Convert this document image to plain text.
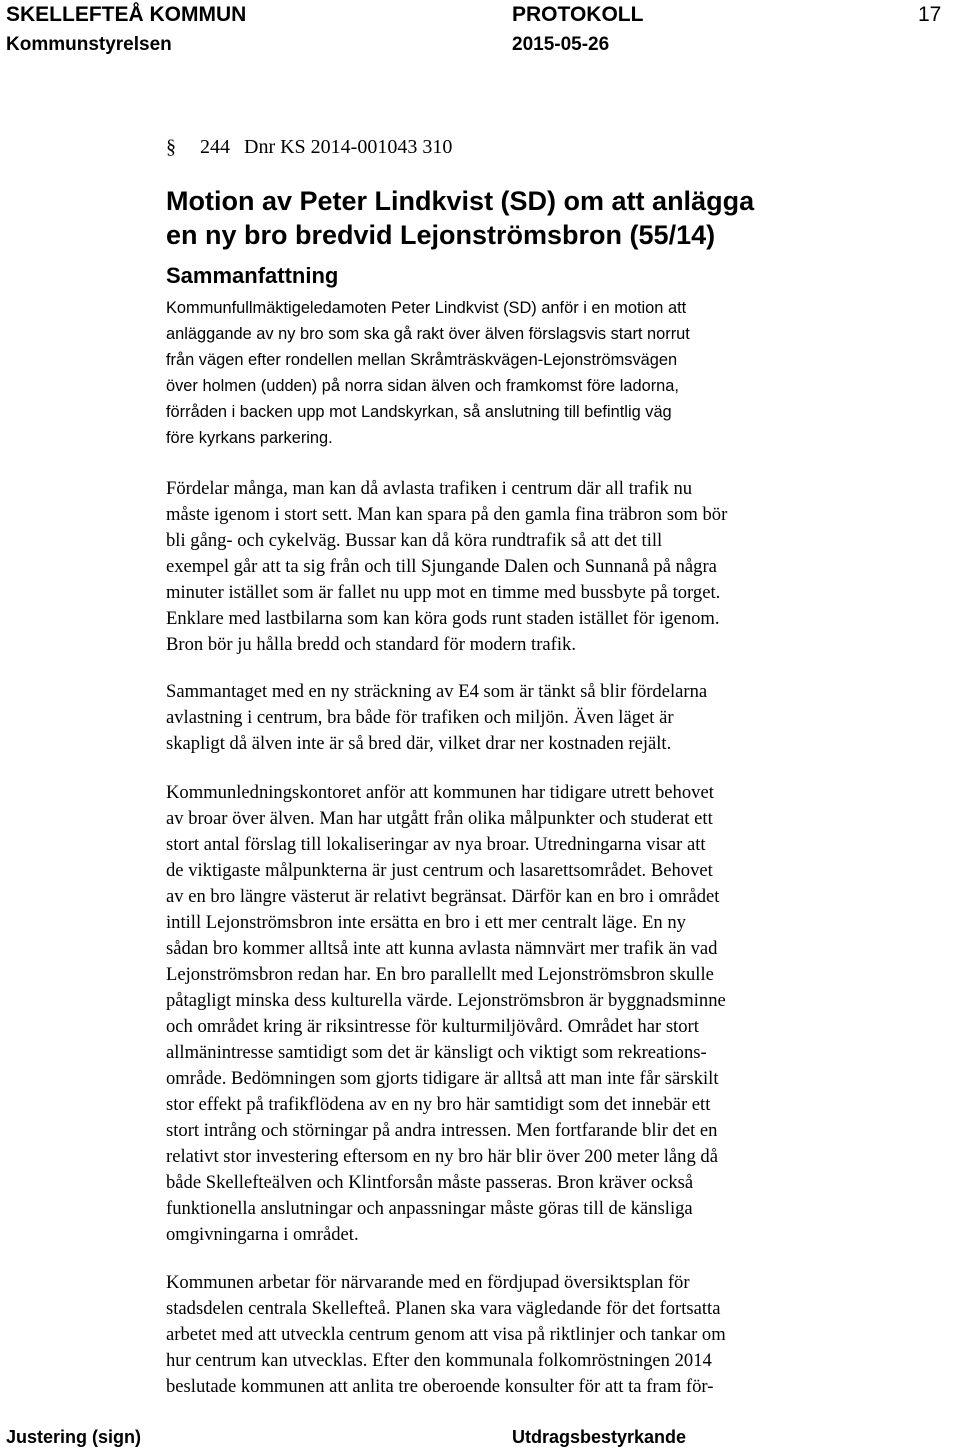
SKELLEFTEÅ KOMMUN	PROTOKOLL	17
Kommunstyrelsen	2015-05-26
§ 244 Dnr KS 2014-001043 310
Motion av Peter Lindkvist (SD) om att anlägga
en ny bro bredvid Lejonströmsbron (55/14)
Sammanfattning

Kommunfullmäktigeledamoten Peter Lindkvist (SD) anför i en motion att
anläggande av ny bro som ska gå rakt över älven förslagsvis start norrut
från vägen efter rondellen mellan Skråmträskvägen-Lejonströmsvägen
över holmen (udden) på norra sidan älven och framkomst före ladorna,
förråden i backen upp mot Landskyrkan, så anslutning till befintlig väg
före kyrkans parkering.

Fördelar många, man kan då avlasta trafiken i centrum där all trafik nu
måste igenom i stort sett. Man kan spara på den gamla fina träbron som bör
bli gång- och cykelväg. Bussar kan då köra rundtrafik så att det till
exempel går att ta sig från och till Sjungande Dalen och Sunnanå på några
minuter istället som är fallet nu upp mot en timme med bussbyte på torget.
Enklare med lastbilarna som kan köra gods runt staden istället för igenom.
Bron bör ju hålla bredd och standard för modern trafik.

Sammantaget med en ny sträckning av E4 som är tänkt så blir fördelarna
avlastning i centrum, bra både för trafiken och miljön. Även läget är
skapligt då älven inte är så bred där, vilket drar ner kostnaden rejält.

Kommunledningskontoret anför att kommunen har tidigare utrett behovet
av broar över älven. Man har utgått från olika målpunkter och studerat ett
stort antal förslag till lokaliseringar av nya broar. Utredningarna visar att
de viktigaste målpunkterna är just centrum och lasarettsområdet. Behovet
av en bro längre västerut är relativt begränsat. Därför kan en bro i området
intill Lejonströmsbron inte ersätta en bro i ett mer centralt läge. En ny
sådan bro kommer alltså inte att kunna avlasta nämnvärt mer trafik än vad
Lejonströmsbron redan har. En bro parallellt med Lejonströmsbron skulle
påtagligt minska dess kulturella värde. Lejonströmsbron är byggnadsminne
och området kring är riksintresse för kulturmiljövård. Området har stort
allmänintresse samtidigt som det är känsligt och viktigt som rekreations-
område. Bedömningen som gjorts tidigare är alltså att man inte får särskilt
stor effekt på trafikflödena av en ny bro här samtidigt som det innebär ett
stort intrång och störningar på andra intressen. Men fortfarande blir det en
relativt stor investering eftersom en ny bro här blir över 200 meter lång då
både Skellefteälven och Klintforsån måste passeras. Bron kräver också
funktionella anslutningar och anpassningar måste göras till de känsliga
omgivningarna i området.

Kommunen arbetar för närvarande med en fördjupad översiktsplan för
stadsdelen centrala Skellefteå. Planen ska vara vägledande för det fortsatta
arbetet med att utveckla centrum genom att visa på riktlinjer och tankar om
hur centrum kan utvecklas. Efter den kommunala folkomröstningen 2014
beslutade kommunen att anlita tre oberoende konsulter för att ta fram för-

Justering (sign)	Utdragsbestyrkande
